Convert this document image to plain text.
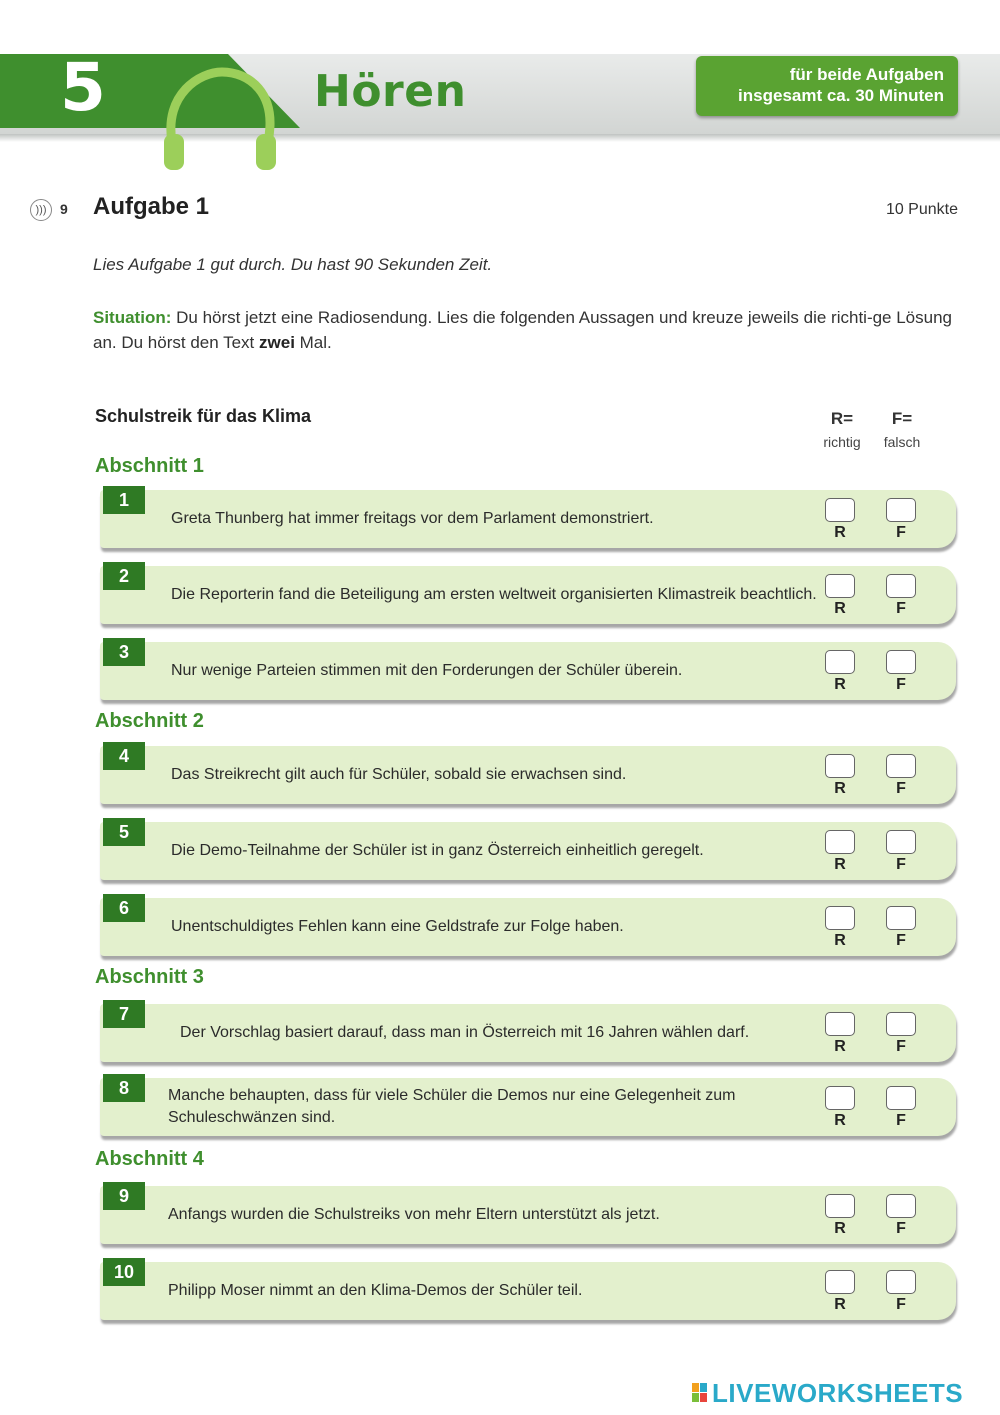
5	Hören	für beide Aufgaben
insgesamt ca. 30 Minuten
))) 9 Aufgabe 1	10 Punkte
Lies Aufgabe 1 gut durch. Du hast 90 Sekunden Zeit.
Situation: Du hörst jetzt eine Radiosendung. Lies die folgenden Aussagen und kreuze jeweils die richti-ge Lösung an. Du hörst den Text zwei Mal.
Schulstreik für das Klima	R=
richtig
F=
falsch
Abschnitt 1
Abschnitt 2
Abschnitt 3
Abschnitt 4
1
Greta Thunberg hat immer freitags vor dem Parlament demonstriert.
R	F
2
Die Reporterin fand die Beteiligung am ersten weltweit organisierten Klimastreik beachtlich.
R	F
3
Nur wenige Parteien stimmen mit den Forderungen der Schüler überein.
R	F
4
Das Streikrecht gilt auch für Schüler, sobald sie erwachsen sind.
R	F
5
Die Demo-Teilnahme der Schüler ist in ganz Österreich einheitlich geregelt.
R	F
6
Unentschuldigtes Fehlen kann eine Geldstrafe zur Folge haben.
R	F
7
Der Vorschlag basiert darauf, dass man in Österreich mit 16 Jahren wählen darf.
R	F
8	Manche behaupten, dass für viele Schüler die Demos nur eine Gelegenheit zum Schuleschwänzen sind.	R	F
9
Anfangs wurden die Schulstreiks von mehr Eltern unterstützt als jetzt.
R	F
10
Philipp Moser nimmt an den Klima-Demos der Schüler teil.
R	F
LIVEWORKSHEETS
